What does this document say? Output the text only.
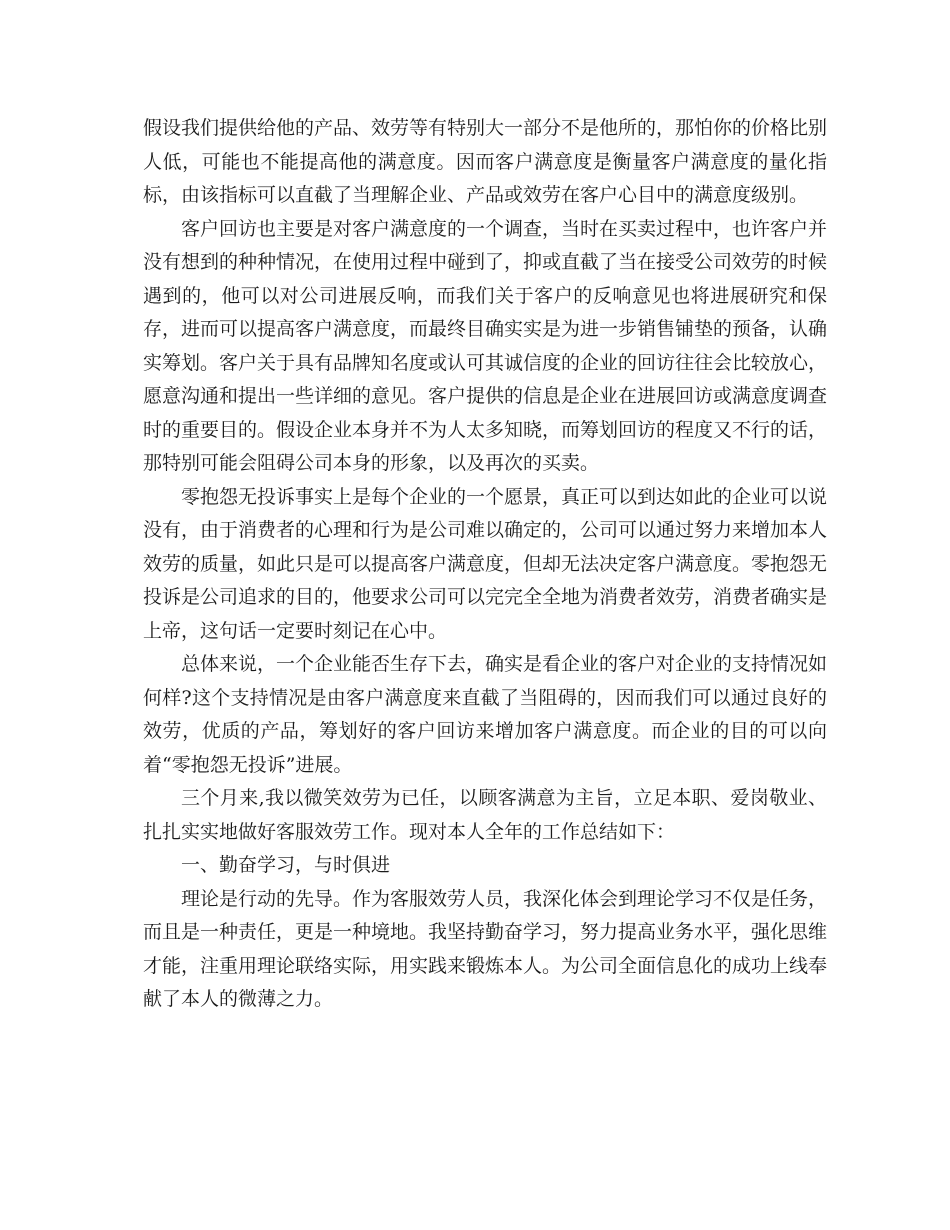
假设我们提供给他的产品、效劳等有特别大一部分不是他所的，那怕你的价格比别人低，可能也不能提高他的满意度。因而客户满意度是衡量客户满意度的量化指标，由该指标可以直截了当理解企业、产品或效劳在客户心目中的满意度级别。

客户回访也主要是对客户满意度的一个调查，当时在买卖过程中，也许客户并没有想到的种种情况，在使用过程中碰到了，抑或直截了当在接受公司效劳的时候遇到的，他可以对公司进展反响，而我们关于客户的反响意见也将进展研究和保存，进而可以提高客户满意度，而最终目确实实是为进一步销售铺垫的预备，认确实筹划。客户关于具有品牌知名度或认可其诚信度的企业的回访往往会比较放心，愿意沟通和提出一些详细的意见。客户提供的信息是企业在进展回访或满意度调查时的重要目的。假设企业本身并不为人太多知晓，而筹划回访的程度又不行的话，那特别可能会阻碍公司本身的形象，以及再次的买卖。

零抱怨无投诉事实上是每个企业的一个愿景，真正可以到达如此的企业可以说没有，由于消费者的心理和行为是公司难以确定的，公司可以通过努力来增加本人效劳的质量，如此只是可以提高客户满意度，但却无法决定客户满意度。零抱怨无投诉是公司追求的目的，他要求公司可以完完全全地为消费者效劳，消费者确实是上帝，这句话一定要时刻记在心中。

总体来说，一个企业能否生存下去，确实是看企业的客户对企业的支持情况如何样?这个支持情况是由客户满意度来直截了当阻碍的，因而我们可以通过良好的效劳，优质的产品，筹划好的客户回访来增加客户满意度。而企业的目的可以向着“零抱怨无投诉”进展。

三个月来,我以微笑效劳为已任，以顾客满意为主旨，立足本职、爱岗敬业、扎扎实实地做好客服效劳工作。现对本人全年的工作总结如下：

一、勤奋学习，与时俱进

理论是行动的先导。作为客服效劳人员，我深化体会到理论学习不仅是任务，而且是一种责任，更是一种境地。我坚持勤奋学习，努力提高业务水平，强化思维才能，注重用理论联络实际，用实践来锻炼本人。为公司全面信息化的成功上线奉献了本人的微薄之力。
